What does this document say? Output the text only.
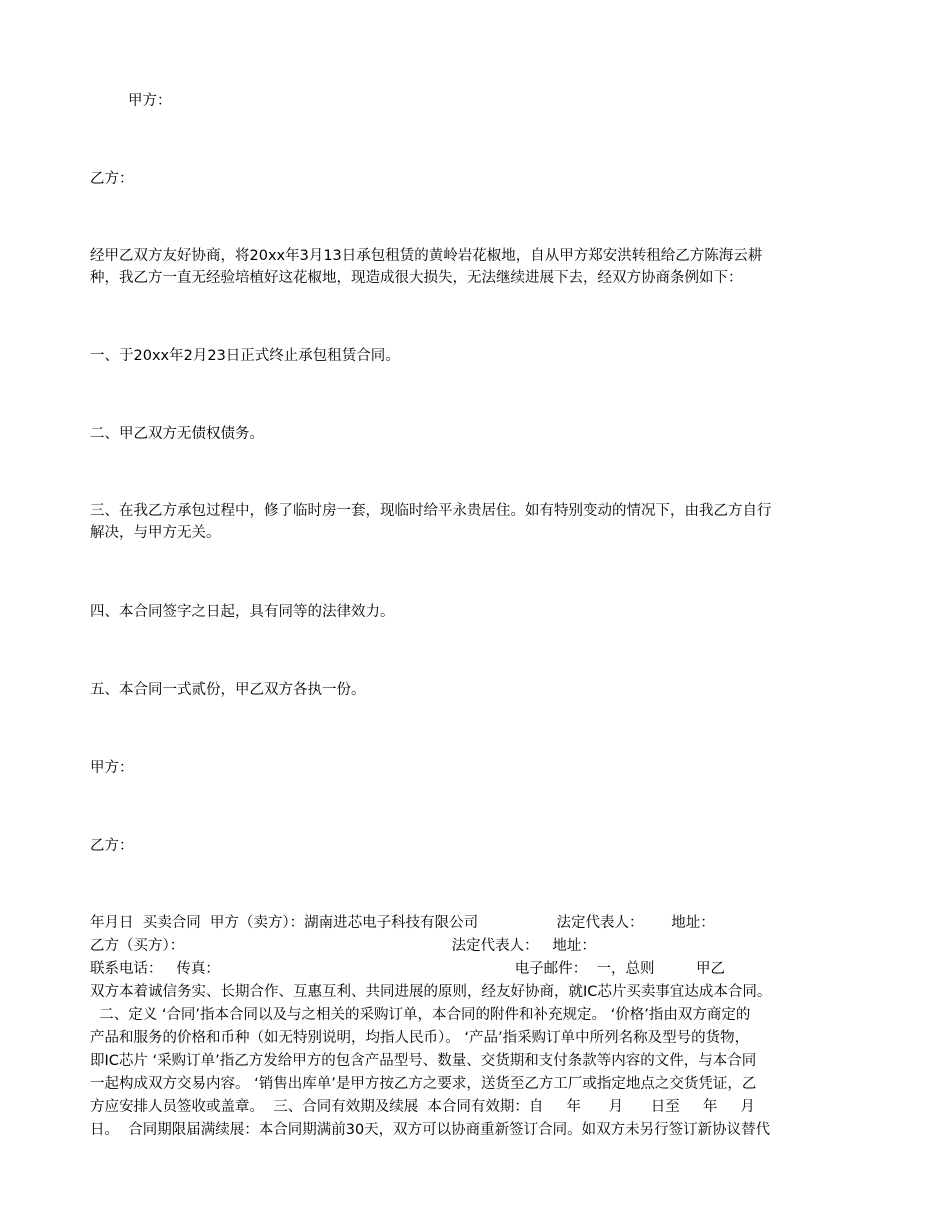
甲方：
乙方：
经甲乙双方友好协商，将20xx年3月13日承包租赁的黄岭岩花椒地，自从甲方郑安洪转租给乙方陈海云耕
种，我乙方一直无经验培植好这花椒地，现造成很大损失，无法继续进展下去，经双方协商条例如下：
一、于20xx年2月23日正式终止承包租赁合同。
二、甲乙双方无债权债务。
三、在我乙方承包过程中，修了临时房一套，现临时给平永贵居住。如有特别变动的情况下，由我乙方自行
解决，与甲方无关。
四、本合同签字之日起，具有同等的法律效力。
五、本合同一式贰份，甲乙双方各执一份。
甲方：
乙方：
年月日  买卖合同  甲方（卖方）：湖南进芯电子科技有限公司                 法定代表人：      地址：
乙方（买方）：                                                          法定代表人：   地址：
联系电话：   传真：                                                                电子邮件：  一，总则         甲乙
双方本着诚信务实、长期合作、互惠互利、共同进展的原则，经友好协商，就IC芯片买卖事宜达成本合同。
二、定义 ‘合同’指本合同以及与之相关的采购订单，本合同的附件和补充规定。 ‘价格’指由双方商定的
产品和服务的价格和币种（如无特别说明，均指人民币）。 ‘产品’指采购订单中所列名称及型号的货物，
即IC芯片 ‘采购订单’指乙方发给甲方的包含产品型号、数量、交货期和支付条款等内容的文件，与本合同
一起构成双方交易内容。 ‘销售出库单’是甲方按乙方之要求，送货至乙方工厂或指定地点之交货凭证，乙
方应安排人员签收或盖章。  三、合同有效期及续展  本合同有效期：自     年      月      日至     年     月
日。  合同期限届满续展：本合同期满前30天，双方可以协商重新签订合同。如双方未另行签订新协议替代
